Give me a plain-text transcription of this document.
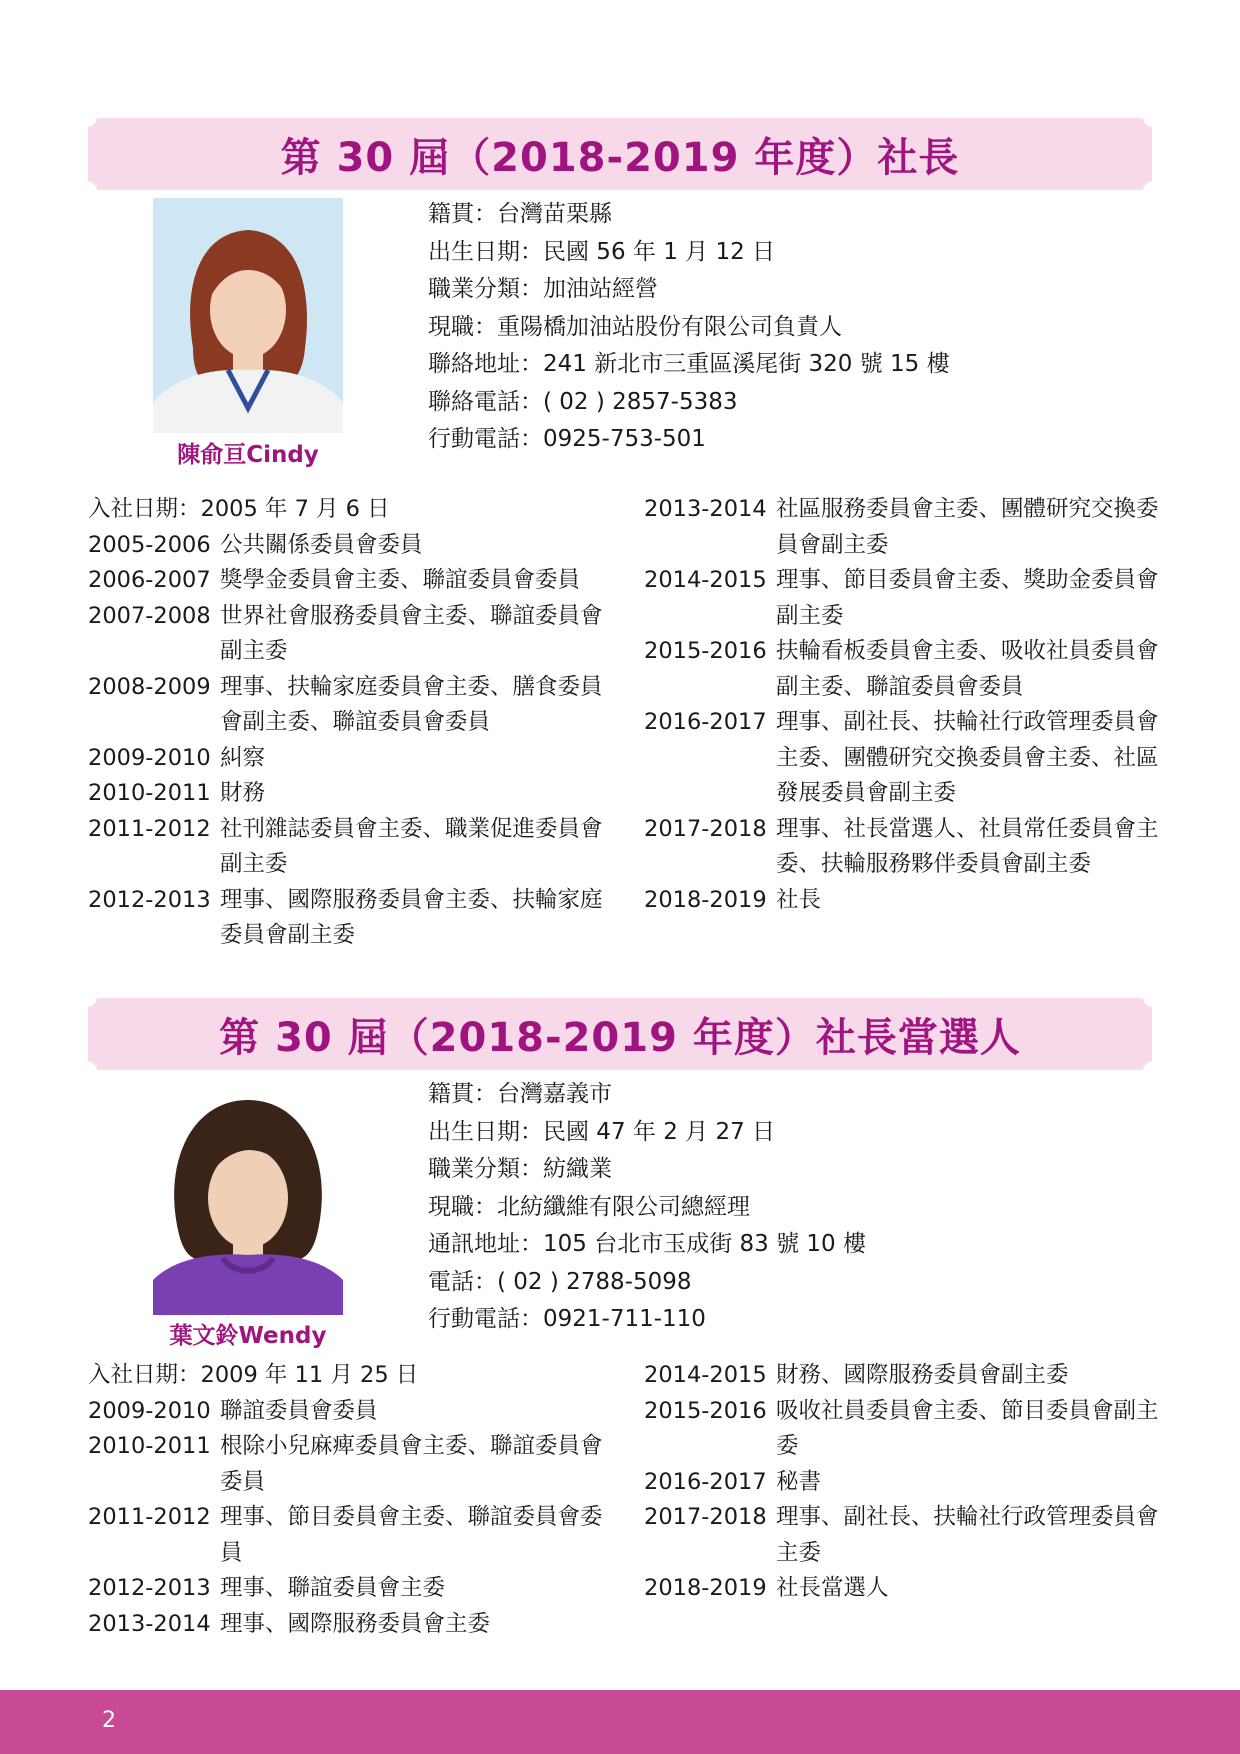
第 30 屆（2018-2019 年度）社長
陳俞亘Cindy
籍貫：台灣苗栗縣
出生日期：民國 56 年 1 月 12 日
職業分類：加油站經營
現職：重陽橋加油站股份有限公司負責人
聯絡地址：241 新北市三重區溪尾街 320 號 15 樓
聯絡電話：( 02 ) 2857-5383
行動電話：0925-753-501
入社日期：2005 年 7 月 6 日
2005-2006 公共關係委員會委員
2006-2007 獎學金委員會主委、聯誼委員會委員
2007-2008 世界社會服務委員會主委、聯誼委員會副主委
2008-2009 理事、扶輪家庭委員會主委、膳食委員會副主委、聯誼委員會委員
2009-2010 糾察
2010-2011 財務
2011-2012 社刊雜誌委員會主委、職業促進委員會副主委
2012-2013 理事、國際服務委員會主委、扶輪家庭委員會副主委
2013-2014 社區服務委員會主委、團體研究交換委員會副主委
2014-2015 理事、節目委員會主委、獎助金委員會副主委
2015-2016 扶輪看板委員會主委、吸收社員委員會副主委、聯誼委員會委員
2016-2017 理事、副社長、扶輪社行政管理委員會主委、團體研究交換委員會主委、社區發展委員會副主委
2017-2018 理事、社長當選人、社員常任委員會主委、扶輪服務夥伴委員會副主委
2018-2019 社長
第 30 屆（2018-2019 年度）社長當選人
葉文鈴Wendy
籍貫：台灣嘉義市
出生日期：民國 47 年 2 月 27 日
職業分類：紡織業
現職：北紡纖維有限公司總經理
通訊地址：105 台北市玉成街 83 號 10 樓
電話：( 02 ) 2788-5098
行動電話：0921-711-110
入社日期：2009 年 11 月 25 日
2009-2010 聯誼委員會委員
2010-2011 根除小兒麻痺委員會主委、聯誼委員會委員
2011-2012 理事、節目委員會主委、聯誼委員會委員
2012-2013 理事、聯誼委員會主委
2013-2014 理事、國際服務委員會主委
2014-2015 財務、國際服務委員會副主委
2015-2016 吸收社員委員會主委、節目委員會副主委
2016-2017 秘書
2017-2018 理事、副社長、扶輪社行政管理委員會主委
2018-2019 社長當選人
2
